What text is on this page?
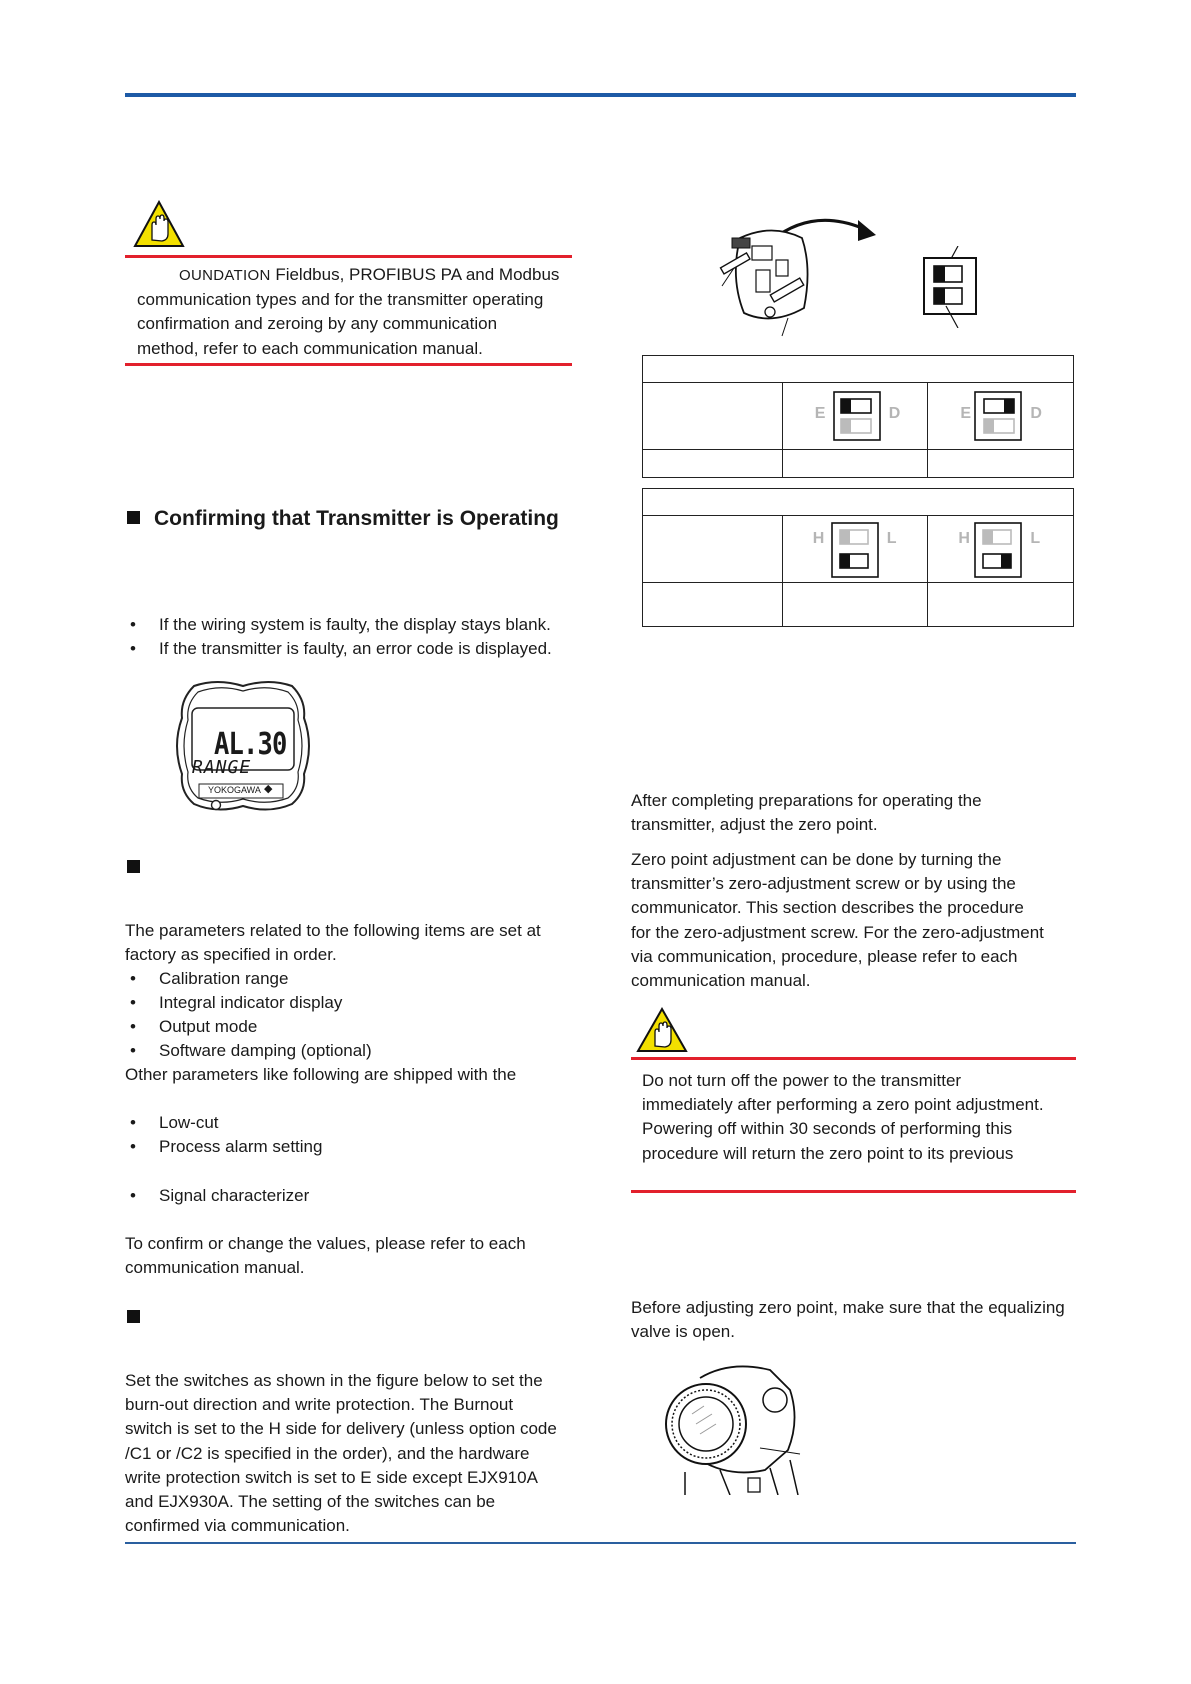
OUNDATION Fieldbus, PROFIBUS PA and Modbus
communication types and for the transmitter operating
confirmation and zeroing by any communication
method, refer to each communication manual.
Confirming that Transmitter is Operating
• If the wiring system is faulty, the display stays blank.
• If the transmitter is faulty, an error code is displayed.
AL.30
RANGE
YOKOGAWA ◆
The parameters related to the following items are set at
factory as specified in order.
• Calibration range
• Integral indicator display
• Output mode
• Software damping (optional)
Other parameters like following are shipped with the
• Low-cut
• Process alarm setting
• Signal characterizer
To confirm or change the values, please refer to each
communication manual.
Set the switches as shown in the figure below to set the
burn-out direction and write protection. The Burnout
switch is set to the H side for delivery (unless option code
/C1 or /C2 is specified in the order), and the hardware
write protection switch is set to E side except EJX910A
and EJX930A. The setting of the switches can be
confirmed via communication.

	E D	E D

	H L	H L

After completing preparations for operating the
transmitter, adjust the zero point.
Zero point adjustment can be done by turning the
transmitter’s zero-adjustment screw or by using the
communicator. This section describes the procedure
for the zero-adjustment screw. For the zero-adjustment
via communication, procedure, please refer to each
communication manual.
Do not turn off the power to the transmitter
immediately after performing a zero point adjustment.
Powering off within 30 seconds of performing this
procedure will return the zero point to its previous
Before adjusting zero point, make sure that the equalizing
valve is open.
